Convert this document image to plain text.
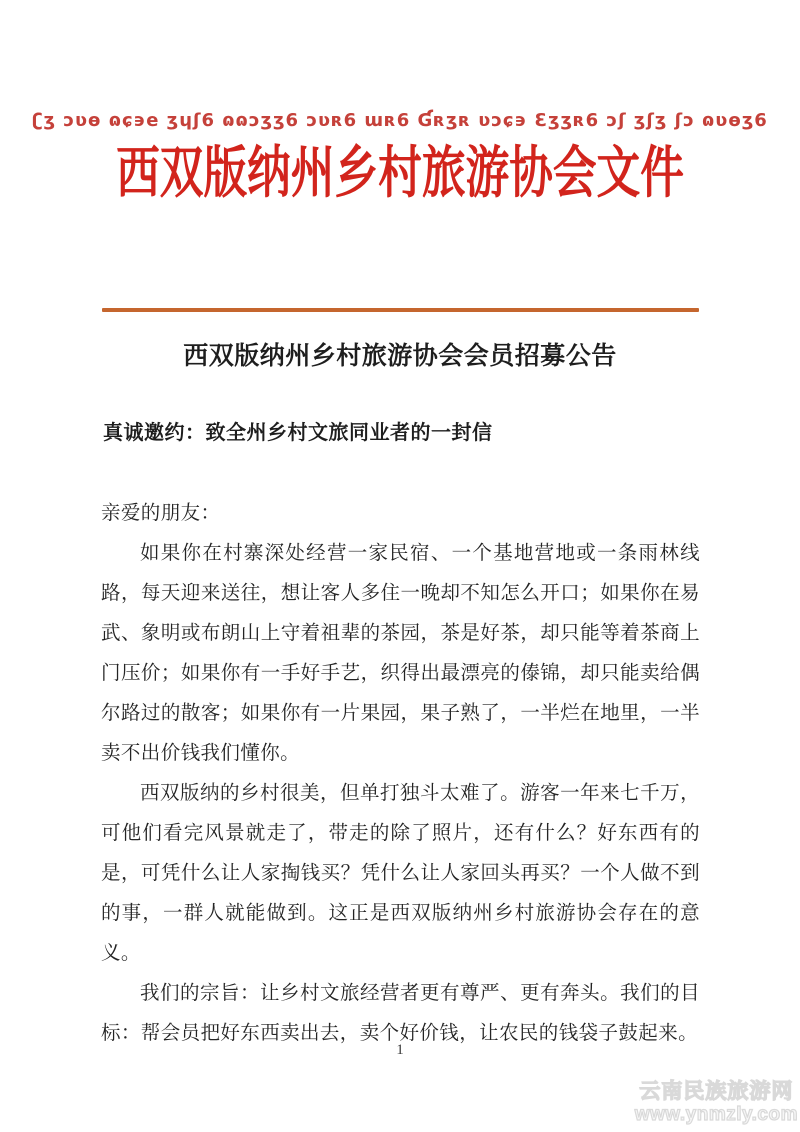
ʗʒ ɔʋɵ ɷɕ϶e ʒɥʃ6 ɷɷɔʒʒ6 ɔʋʀ6 ɯʀ6 Ɠʀʒʀ ʋɔɕ϶ Ɛʒʒʀ6 ɔʃ ʒʃʒ ʃɔ ɷʋɵʒ6
西双版纳州乡村旅游协会文件
西双版纳州乡村旅游协会会员招募公告
真诚邀约：致全州乡村文旅同业者的一封信

亲爱的朋友：

如果你在村寨深处经营一家民宿、一个基地营地或一条雨林线路，每天迎来送往，想让客人多住一晚却不知怎么开口；如果你在易武、象明或布朗山上守着祖辈的茶园，茶是好茶，却只能等着茶商上门压价；如果你有一手好手艺，织得出最漂亮的傣锦，却只能卖给偶尔路过的散客；如果你有一片果园，果子熟了，一半烂在地里，一半卖不出价钱我们懂你。

西双版纳的乡村很美，但单打独斗太难了。游客一年来七千万，可他们看完风景就走了，带走的除了照片，还有什么？好东西有的是，可凭什么让人家掏钱买？凭什么让人家回头再买？一个人做不到的事，一群人就能做到。这正是西双版纳州乡村旅游协会存在的意义。

我们的宗旨：让乡村文旅经营者更有尊严、更有奔头。我们的目标：帮会员把好东西卖出去，卖个好价钱，让农民的钱袋子鼓起来。

1
云南民族旅游网
www.ynmzly.com
